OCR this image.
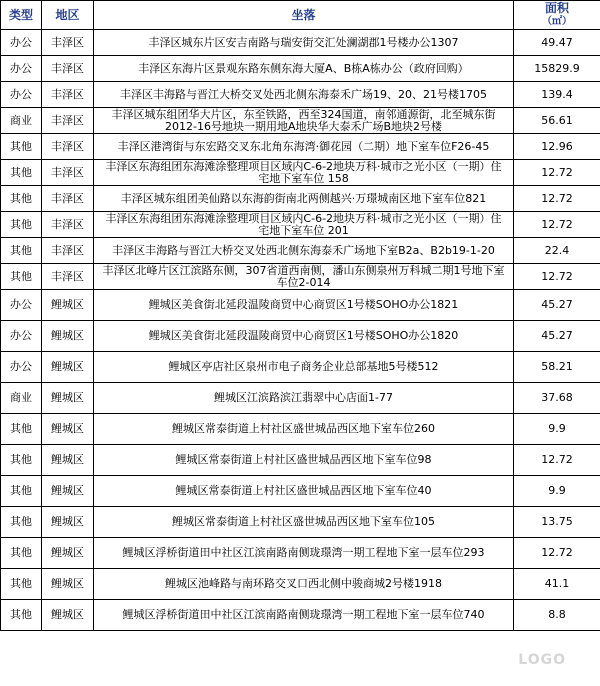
类型	地区	坐落	面积
（㎡）

办公	丰泽区	丰泽区城东片区安吉南路与瑞安街交汇处澜湖郡1号楼办公1307	49.47
办公	丰泽区	丰泽区东海片区景观东路东侧东海大厦A、B栋A栋办公（政府回购）	15829.9
办公	丰泽区	丰泽区丰海路与晋江大桥交叉处西北侧东海泰禾广场19、20、21号楼1705	139.4
商业	丰泽区	丰泽区城东组团华大片区，东至铁路，西至324国道，南邻通源街，北至城东街2012-16号地块一期用地A地块华大泰禾广场B地块2号楼	56.61
其他	丰泽区	丰泽区港湾街与东宏路交叉东北角东海湾·御花园（二期）地下室车位F26-45	12.96
其他	丰泽区	丰泽区东海组团东海滩涂整理项目区域内C-6-2地块万科·城市之光小区（一期）住宅地下室车位 158	12.72
其他	丰泽区	丰泽区城东组团美仙路以东海韵街南北两侧越兴·万璟城南区地下室车位821	12.72
其他	丰泽区	丰泽区东海组团东海滩涂整理项目区域内C-6-2地块万科·城市之光小区（一期）住宅地下室车位 201	12.72
其他	丰泽区	丰泽区丰海路与晋江大桥交叉处西北侧东海泰禾广场地下室B2a、B2b19-1-20	22.4
其他	丰泽区	丰泽区北峰片区江滨路东侧，307省道西南侧，潘山东侧泉州万科城二期1号地下室车位2-014	12.72
办公	鲤城区	鲤城区美食街北延段温陵商贸中心商贸区1号楼SOHO办公1821	45.27
办公	鲤城区	鲤城区美食街北延段温陵商贸中心商贸区1号楼SOHO办公1820	45.27
办公	鲤城区	鲤城区亭店社区泉州市电子商务企业总部基地5号楼512	58.21
商业	鲤城区	鲤城区江滨路滨江翡翠中心店面1-77	37.68
其他	鲤城区	鲤城区常泰街道上村社区盛世城品西区地下室车位260	9.9
其他	鲤城区	鲤城区常泰街道上村社区盛世城品西区地下室车位98	12.72
其他	鲤城区	鲤城区常泰街道上村社区盛世城品西区地下室车位40	9.9
其他	鲤城区	鲤城区常泰街道上村社区盛世城品西区地下室车位105	13.75
其他	鲤城区	鲤城区浮桥街道田中社区江滨南路南侧珑璟湾一期工程地下室一层车位293	12.72
其他	鲤城区	鲤城区池峰路与南环路交叉口西北侧中骏商城2号楼1918	41.1
其他	鲤城区	鲤城区浮桥街道田中社区江滨南路南侧珑璟湾一期工程地下室一层车位740	8.8
LOGO
